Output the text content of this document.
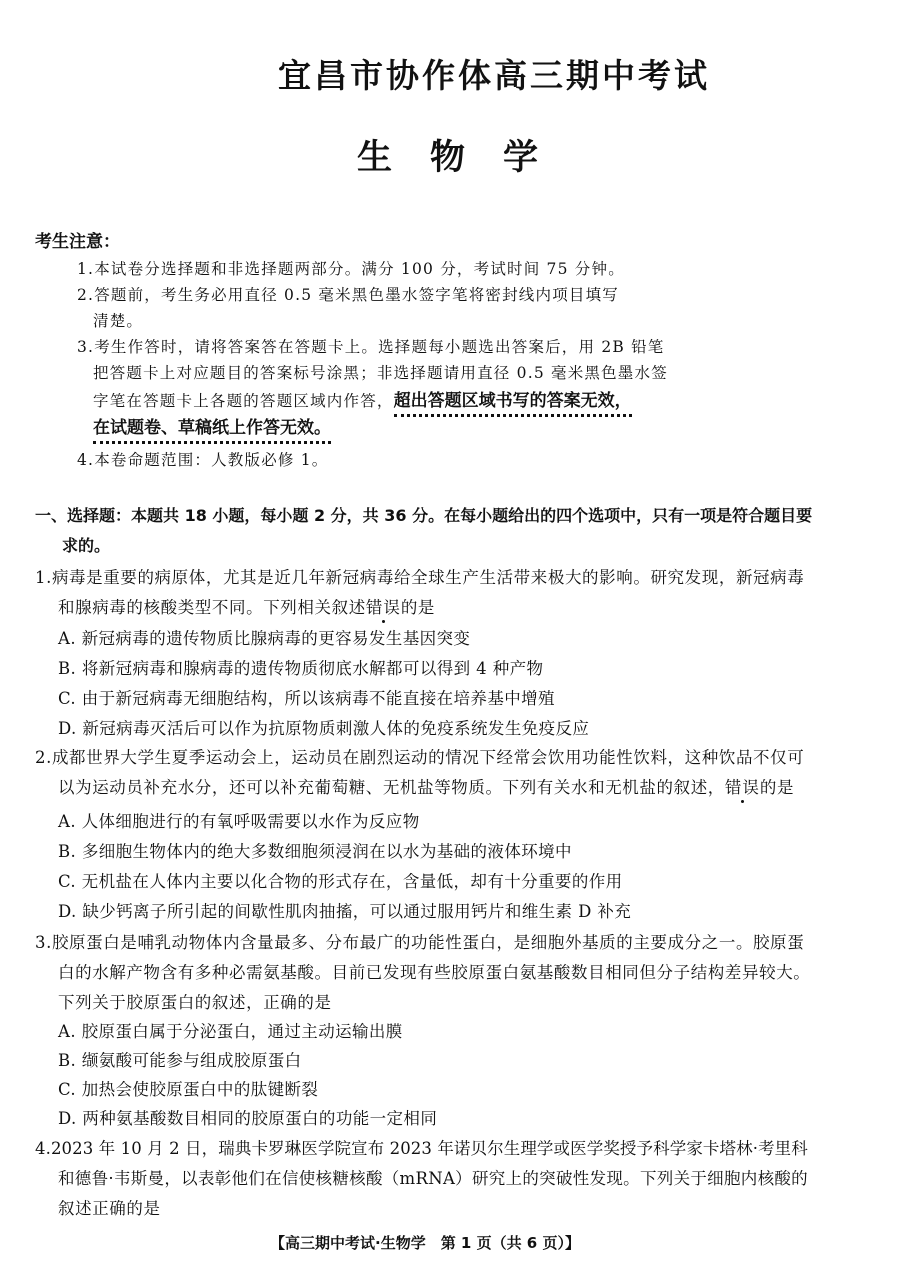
宜昌市协作体高三期中考试
生物学
考生注意：
1.本试卷分选择题和非选择题两部分。满分 100 分，考试时间 75 分钟。
2.答题前，考生务必用直径 0.5 毫米黑色墨水签字笔将密封线内项目填写
清楚。
3.考生作答时，请将答案答在答题卡上。选择题每小题选出答案后，用 2B 铅笔
把答题卡上对应题目的答案标号涂黑；非选择题请用直径 0.5 毫米黑色墨水签
字笔在答题卡上各题的答题区域内作答，超出答题区域书写的答案无效，
在试题卷、草稿纸上作答无效。
4.本卷命题范围：人教版必修 1。
一、选择题：本题共 18 小题，每小题 2 分，共 36 分。在每小题给出的四个选项中，只有一项是符合题目要
求的。
1.病毒是重要的病原体，尤其是近几年新冠病毒给全球生产生活带来极大的影响。研究发现，新冠病毒
和腺病毒的核酸类型不同。下列相关叙述错误的是
A. 新冠病毒的遗传物质比腺病毒的更容易发生基因突变
B. 将新冠病毒和腺病毒的遗传物质彻底水解都可以得到 4 种产物
C. 由于新冠病毒无细胞结构，所以该病毒不能直接在培养基中增殖
D. 新冠病毒灭活后可以作为抗原物质刺激人体的免疫系统发生免疫反应
2.成都世界大学生夏季运动会上，运动员在剧烈运动的情况下经常会饮用功能性饮料，这种饮品不仅可
以为运动员补充水分，还可以补充葡萄糖、无机盐等物质。下列有关水和无机盐的叙述，错误的是
A. 人体细胞进行的有氧呼吸需要以水作为反应物
B. 多细胞生物体内的绝大多数细胞须浸润在以水为基础的液体环境中
C. 无机盐在人体内主要以化合物的形式存在，含量低，却有十分重要的作用
D. 缺少钙离子所引起的间歇性肌肉抽搐，可以通过服用钙片和维生素 D 补充
3.胶原蛋白是哺乳动物体内含量最多、分布最广的功能性蛋白，是细胞外基质的主要成分之一。胶原蛋
白的水解产物含有多种必需氨基酸。目前已发现有些胶原蛋白氨基酸数目相同但分子结构差异较大。
下列关于胶原蛋白的叙述，正确的是
A. 胶原蛋白属于分泌蛋白，通过主动运输出膜
B. 缬氨酸可能参与组成胶原蛋白
C. 加热会使胶原蛋白中的肽键断裂
D. 两种氨基酸数目相同的胶原蛋白的功能一定相同
4.2023 年 10 月 2 日，瑞典卡罗琳医学院宣布 2023 年诺贝尔生理学或医学奖授予科学家卡塔林·考里科
和德鲁·韦斯曼，以表彰他们在信使核糖核酸（mRNA）研究上的突破性发现。下列关于细胞内核酸的
叙述正确的是
【高三期中考试·生物学　第 1 页（共 6 页）】
